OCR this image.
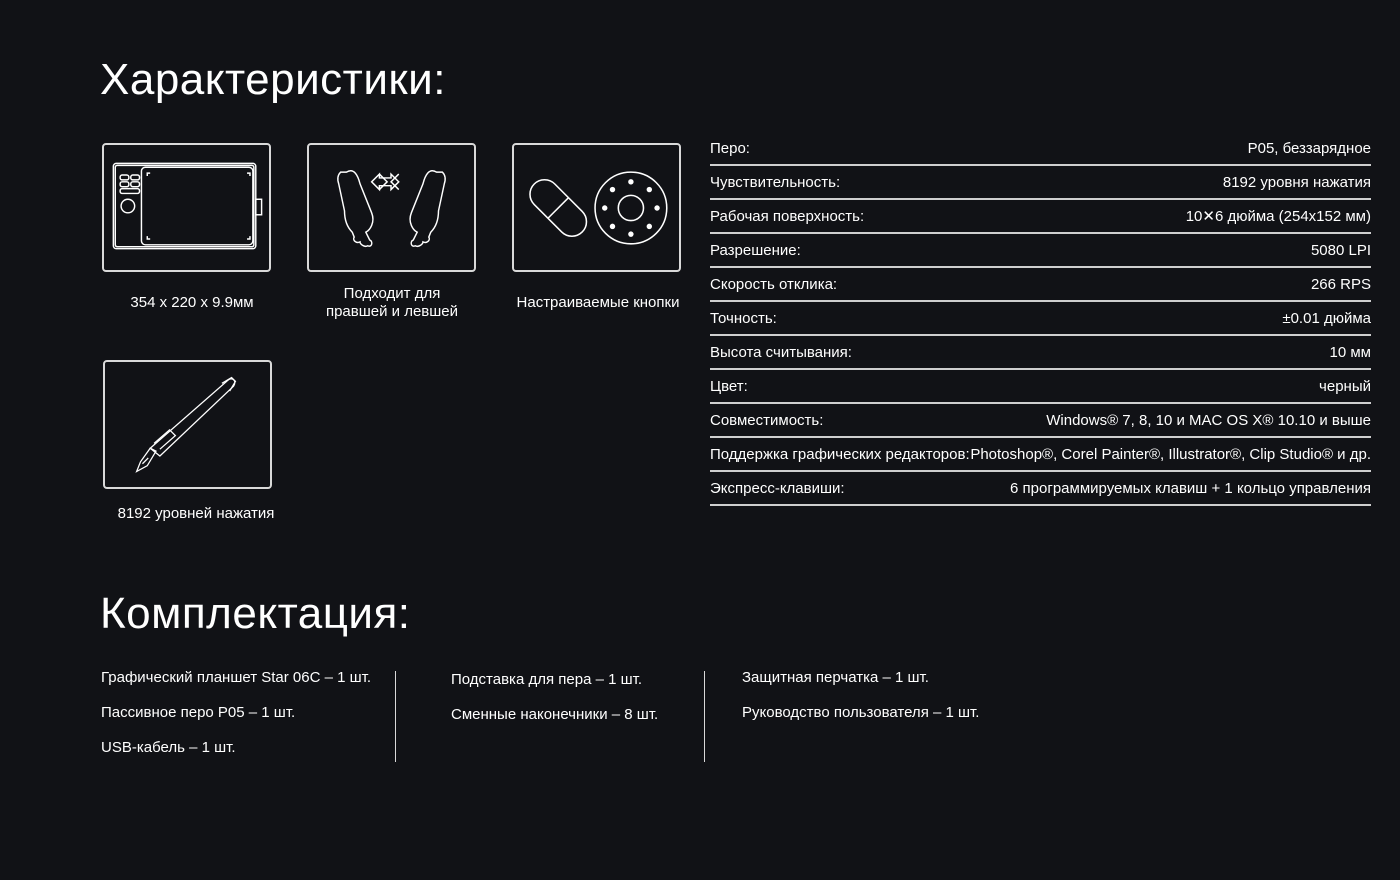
Характеристики:
354 x 220 x 9.9мм
Подходит для
правшей и левшей
Настраиваемые кнопки
8192 уровней нажатия
Перо:	P05, беззарядное
Чувствительность:	8192 уровня нажатия
Рабочая поверхность:	10✕6 дюйма (254x152 мм)
Разрешение:	5080 LPI
Скорость отклика:	266 RPS
Точность:	±0.01 дюйма
Высота считывания:	10 мм
Цвет:	черный
Совместимость:	Windows® 7, 8, 10 и MAC OS X® 10.10 и выше
Поддержка графических редакторов: Photoshop®, Corel Painter®, Illustrator®, Clip Studio® и др.
Экспресс-клавиши:	6 программируемых клавиш + 1 кольцо управления
Комплектация:
Графический планшет Star 06C – 1 шт.
Пассивное перо P05 – 1 шт.
USB-кабель – 1 шт.
Подставка для пера – 1 шт.
Сменные наконечники – 8 шт.
Защитная перчатка – 1 шт.
Руководство пользователя – 1 шт.
